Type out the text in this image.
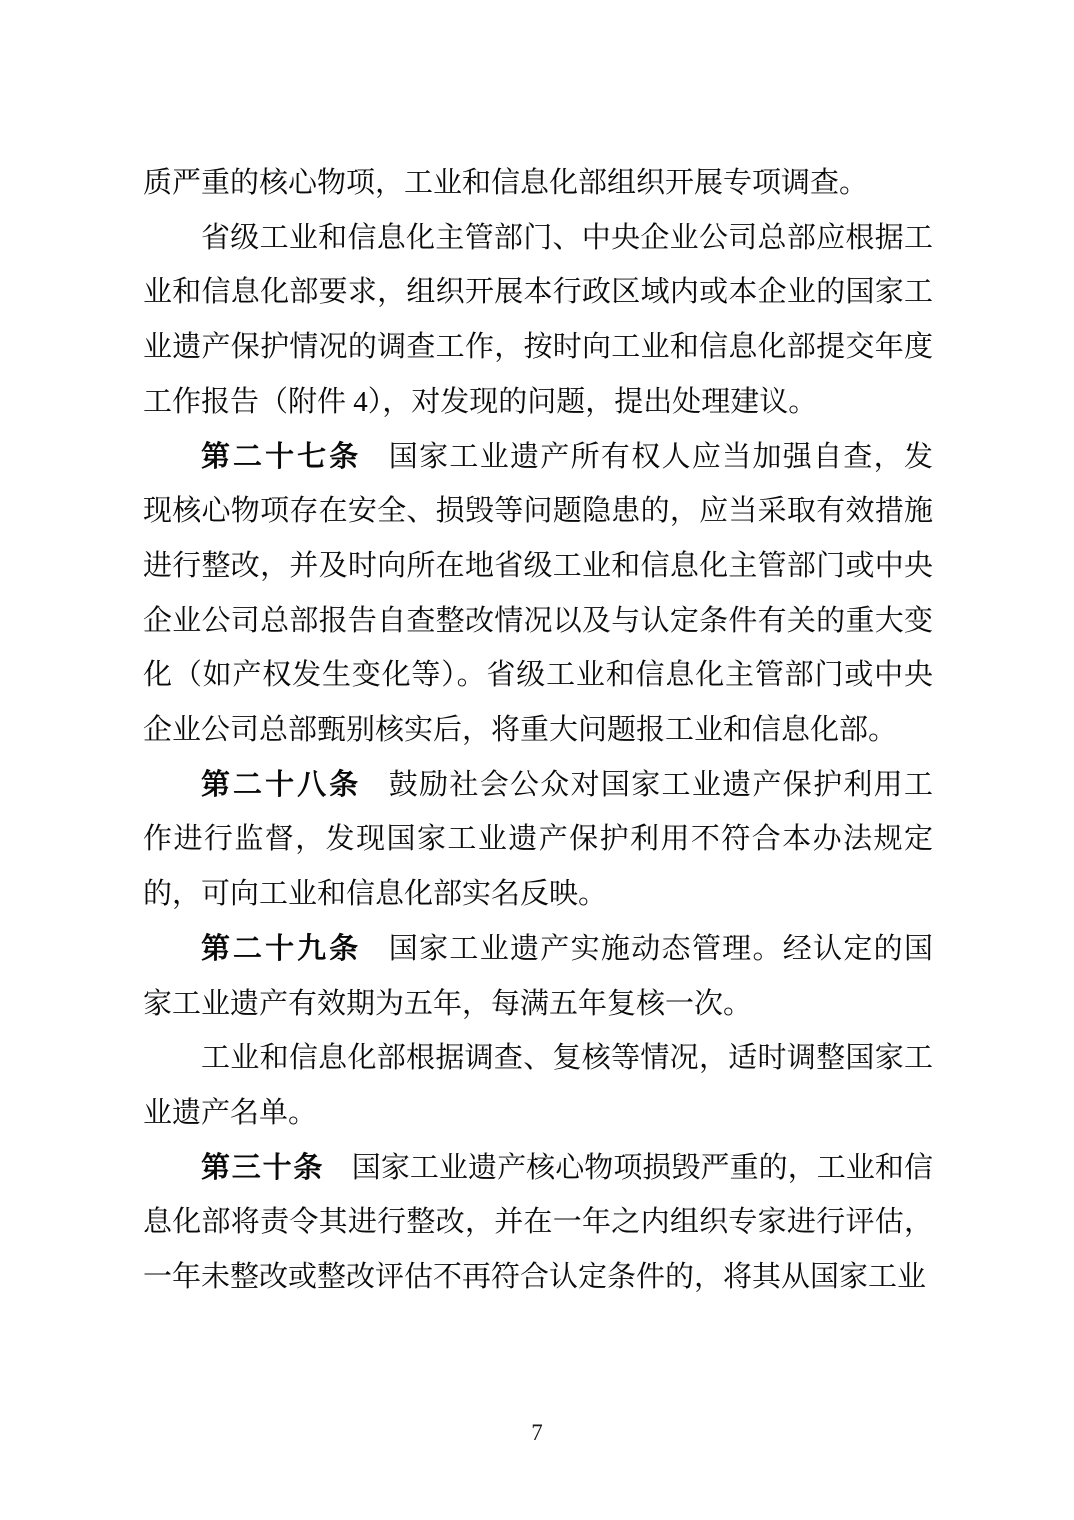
质严重的核心物项，工业和信息化部组织开展专项调查。

省级工业和信息化主管部门、中央企业公司总部应根据工业和信息化部要求，组织开展本行政区域内或本企业的国家工业遗产保护情况的调查工作，按时向工业和信息化部提交年度工作报告（附件 4），对发现的问题，提出处理建议。

第二十七条 国家工业遗产所有权人应当加强自查，发现核心物项存在安全、损毁等问题隐患的，应当采取有效措施进行整改，并及时向所在地省级工业和信息化主管部门或中央企业公司总部报告自查整改情况以及与认定条件有关的重大变化（如产权发生变化等）。省级工业和信息化主管部门或中央企业公司总部甄别核实后，将重大问题报工业和信息化部。

第二十八条 鼓励社会公众对国家工业遗产保护利用工作进行监督，发现国家工业遗产保护利用不符合本办法规定的，可向工业和信息化部实名反映。

第二十九条 国家工业遗产实施动态管理。经认定的国家工业遗产有效期为五年，每满五年复核一次。

工业和信息化部根据调查、复核等情况，适时调整国家工业遗产名单。

第三十条 国家工业遗产核心物项损毁严重的，工业和信息化部将责令其进行整改，并在一年之内组织专家进行评估，一年未整改或整改评估不再符合认定条件的，将其从国家工业

7
